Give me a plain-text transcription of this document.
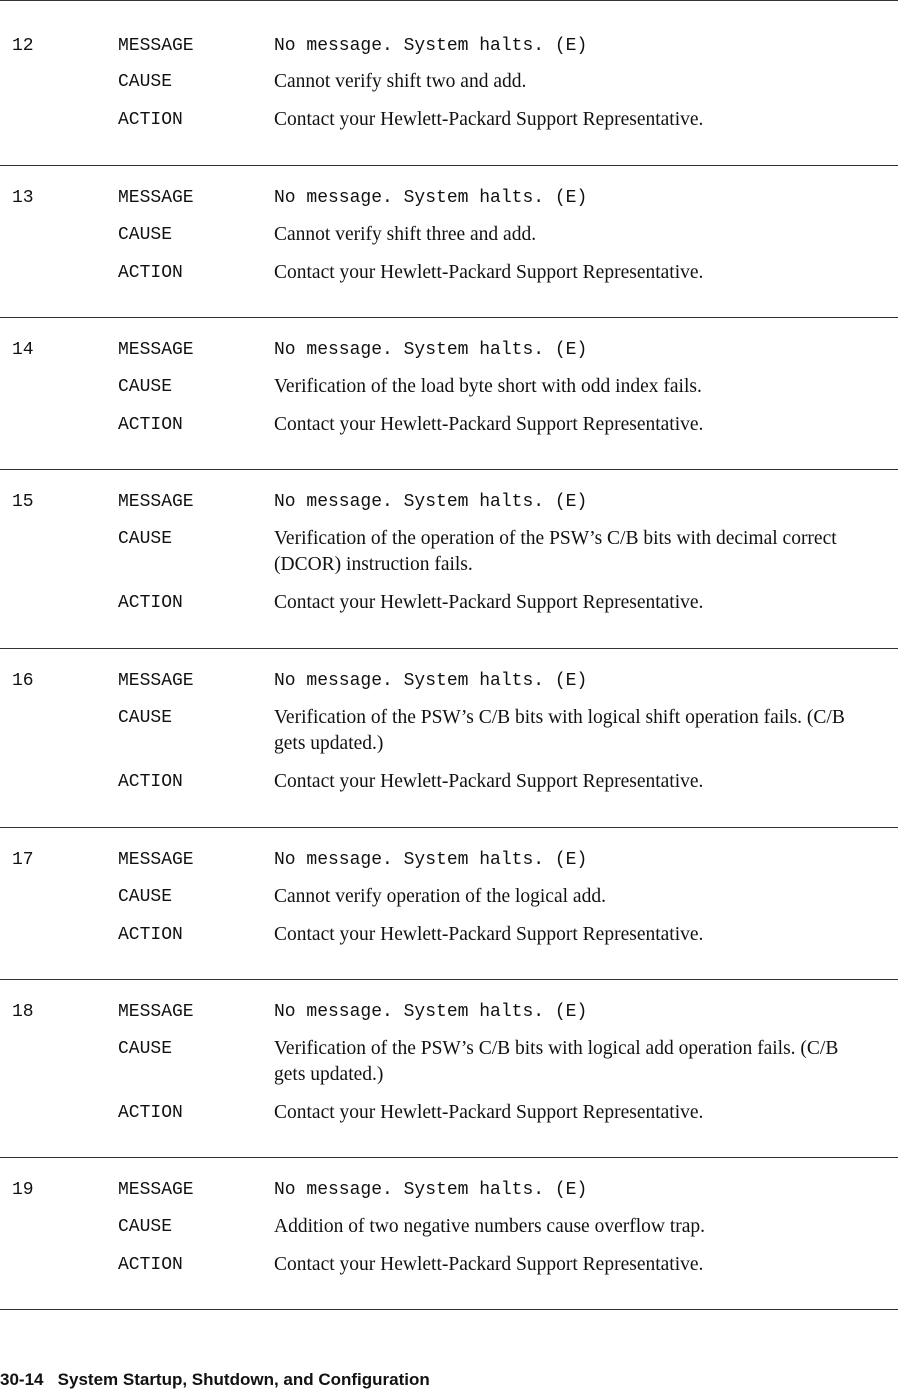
12	MESSAGE	No message. System halts. (E)
CAUSE	Cannot verify shift two and add.
ACTION	Contact your Hewlett-Packard Support Representative.
13	MESSAGE	No message. System halts. (E)
CAUSE	Cannot verify shift three and add.
ACTION	Contact your Hewlett-Packard Support Representative.
14	MESSAGE	No message. System halts. (E)
CAUSE	Verification of the load byte short with odd index fails.
ACTION	Contact your Hewlett-Packard Support Representative.
15	MESSAGE	No message. System halts. (E)
CAUSE	Verification of the operation of the PSW’s C/B bits with decimal correct (DCOR) instruction fails.
ACTION	Contact your Hewlett-Packard Support Representative.
16	MESSAGE	No message. System halts. (E)
CAUSE	Verification of the PSW’s C/B bits with logical shift operation fails. (C/B gets updated.)
ACTION	Contact your Hewlett-Packard Support Representative.
17	MESSAGE	No message. System halts. (E)
CAUSE	Cannot verify operation of the logical add.
ACTION	Contact your Hewlett-Packard Support Representative.
18	MESSAGE	No message. System halts. (E)
CAUSE	Verification of the PSW’s C/B bits with logical add operation fails. (C/B gets updated.)
ACTION	Contact your Hewlett-Packard Support Representative.
19	MESSAGE	No message. System halts. (E)
CAUSE	Addition of two negative numbers cause overflow trap.
ACTION	Contact your Hewlett-Packard Support Representative.
30-14 System Startup, Shutdown, and Configuration
